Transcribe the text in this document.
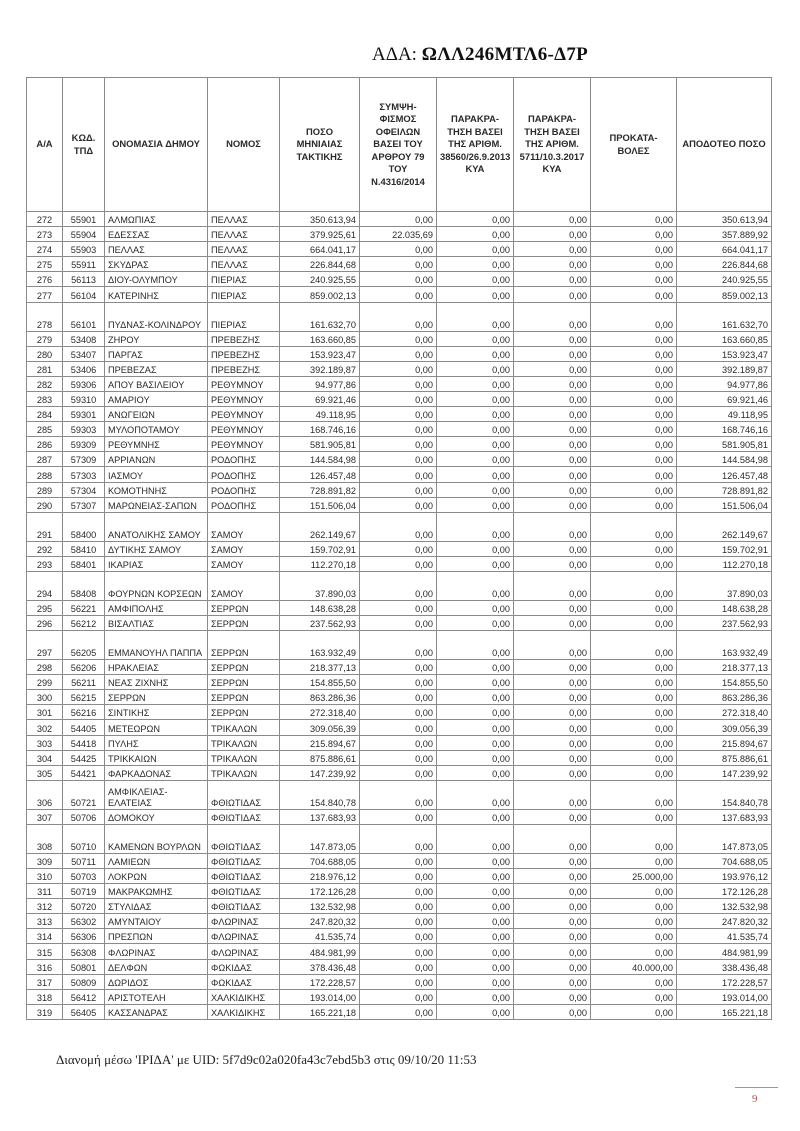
ΑΔΑ: ΩΛΛ246ΜΤΛ6-Δ7Ρ
Α/Α	ΚΩΔ. ΤΠΔ	ΟΝΟΜΑΣΙΑ ΔΗΜΟΥ	ΝΟΜΟΣ	ΠΟΣΟ ΜΗΝΙΑΙΑΣ ΤΑΚΤΙΚΗΣ	ΣΥΜΨΗ-ΦΙΣΜΟΣ ΟΦΕΙΛΩΝ ΒΑΣΕΙ ΤΟΥ ΑΡΘΡΟΥ 79 ΤΟΥ Ν.4316/2014	ΠΑΡΑΚΡΑ-ΤΗΣΗ ΒΑΣΕΙ ΤΗΣ ΑΡΙΘΜ. 38560/26.9.2013 ΚΥΑ	ΠΑΡΑΚΡΑ-ΤΗΣΗ ΒΑΣΕΙ ΤΗΣ ΑΡΙΘΜ. 5711/10.3.2017 ΚΥΑ	ΠΡΟΚΑΤΑ-ΒΟΛΕΣ	ΑΠΟΔΟΤΕΟ ΠΟΣΟ
272	55901	ΑΛΜΩΠΙΑΣ	ΠΕΛΛΑΣ	350.613,94	0,00	0,00	0,00	0,00	350.613,94
273	55904	ΕΔΕΣΣΑΣ	ΠΕΛΛΑΣ	379.925,61	22.035,69	0,00	0,00	0,00	357.889,92
274	55903	ΠΕΛΛΑΣ	ΠΕΛΛΑΣ	664.041,17	0,00	0,00	0,00	0,00	664.041,17
275	55911	ΣΚΥΔΡΑΣ	ΠΕΛΛΑΣ	226.844,68	0,00	0,00	0,00	0,00	226.844,68
276	56113	ΔΙΟΥ-ΟΛΥΜΠΟΥ	ΠΙΕΡΙΑΣ	240.925,55	0,00	0,00	0,00	0,00	240.925,55
277	56104	ΚΑΤΕΡΙΝΗΣ	ΠΙΕΡΙΑΣ	859.002,13	0,00	0,00	0,00	0,00	859.002,13
278	56101	ΠΥΔΝΑΣ-ΚΟΛΙΝΔΡΟΥ	ΠΙΕΡΙΑΣ	161.632,70	0,00	0,00	0,00	0,00	161.632,70
279	53408	ΖΗΡΟΥ	ΠΡΕΒΕΖΗΣ	163.660,85	0,00	0,00	0,00	0,00	163.660,85
280	53407	ΠΑΡΓΑΣ	ΠΡΕΒΕΖΗΣ	153.923,47	0,00	0,00	0,00	0,00	153.923,47
281	53406	ΠΡΕΒΕΖΑΣ	ΠΡΕΒΕΖΗΣ	392.189,87	0,00	0,00	0,00	0,00	392.189,87
282	59306	ΑΠΟΥ ΒΑΣΙΛΕΙΟΥ	ΡΕΘΥΜΝΟΥ	94.977,86	0,00	0,00	0,00	0,00	94.977,86
283	59310	ΑΜΑΡΙΟΥ	ΡΕΘΥΜΝΟΥ	69.921,46	0,00	0,00	0,00	0,00	69.921,46
284	59301	ΑΝΩΓΕΙΩΝ	ΡΕΘΥΜΝΟΥ	49.118,95	0,00	0,00	0,00	0,00	49.118,95
285	59303	ΜΥΛΟΠΟΤΑΜΟΥ	ΡΕΘΥΜΝΟΥ	168.746,16	0,00	0,00	0,00	0,00	168.746,16
286	59309	ΡΕΘΥΜΝΗΣ	ΡΕΘΥΜΝΟΥ	581.905,81	0,00	0,00	0,00	0,00	581.905,81
287	57309	ΑΡΡΙΑΝΩΝ	ΡΟΔΟΠΗΣ	144.584,98	0,00	0,00	0,00	0,00	144.584,98
288	57303	ΙΑΣΜΟΥ	ΡΟΔΟΠΗΣ	126.457,48	0,00	0,00	0,00	0,00	126.457,48
289	57304	ΚΟΜΟΤΗΝΗΣ	ΡΟΔΟΠΗΣ	728.891,82	0,00	0,00	0,00	0,00	728.891,82
290	57307	ΜΑΡΩΝΕΙΑΣ-ΣΑΠΩΝ	ΡΟΔΟΠΗΣ	151.506,04	0,00	0,00	0,00	0,00	151.506,04
291	58400	ΑΝΑΤΟΛΙΚΗΣ ΣΑΜΟΥ	ΣΑΜΟΥ	262.149,67	0,00	0,00	0,00	0,00	262.149,67
292	58410	ΔΥΤΙΚΗΣ ΣΑΜΟΥ	ΣΑΜΟΥ	159.702,91	0,00	0,00	0,00	0,00	159.702,91
293	58401	ΙΚΑΡΙΑΣ	ΣΑΜΟΥ	112.270,18	0,00	0,00	0,00	0,00	112.270,18
294	58408	ΦΟΥΡΝΩΝ ΚΟΡΣΕΩΝ	ΣΑΜΟΥ	37.890,03	0,00	0,00	0,00	0,00	37.890,03
295	56221	ΑΜΦΙΠΟΛΗΣ	ΣΕΡΡΩΝ	148.638,28	0,00	0,00	0,00	0,00	148.638,28
296	56212	ΒΙΣΑΛΤΙΑΣ	ΣΕΡΡΩΝ	237.562,93	0,00	0,00	0,00	0,00	237.562,93
297	56205	ΕΜΜΑΝΟΥΗΛ ΠΑΠΠΑ	ΣΕΡΡΩΝ	163.932,49	0,00	0,00	0,00	0,00	163.932,49
298	56206	ΗΡΑΚΛΕΙΑΣ	ΣΕΡΡΩΝ	218.377,13	0,00	0,00	0,00	0,00	218.377,13
299	56211	ΝΕΑΣ ΖΙΧΝΗΣ	ΣΕΡΡΩΝ	154.855,50	0,00	0,00	0,00	0,00	154.855,50
300	56215	ΣΕΡΡΩΝ	ΣΕΡΡΩΝ	863.286,36	0,00	0,00	0,00	0,00	863.286,36
301	56216	ΣΙΝΤΙΚΗΣ	ΣΕΡΡΩΝ	272.318,40	0,00	0,00	0,00	0,00	272.318,40
302	54405	ΜΕΤΕΩΡΩΝ	ΤΡΙΚΑΛΩΝ	309.056,39	0,00	0,00	0,00	0,00	309.056,39
303	54418	ΠΥΛΗΣ	ΤΡΙΚΑΛΩΝ	215.894,67	0,00	0,00	0,00	0,00	215.894,67
304	54425	ΤΡΙΚΚΑΙΩΝ	ΤΡΙΚΑΛΩΝ	875.886,61	0,00	0,00	0,00	0,00	875.886,61
305	54421	ΦΑΡΚΑΔΟΝΑΣ	ΤΡΙΚΑΛΩΝ	147.239,92	0,00	0,00	0,00	0,00	147.239,92
306	50721	ΑΜΦΙΚΛΕΙΑΣ-ΕΛΑΤΕΙΑΣ	ΦΘΙΩΤΙΔΑΣ	154.840,78	0,00	0,00	0,00	0,00	154.840,78
307	50706	ΔΟΜΟΚΟΥ	ΦΘΙΩΤΙΔΑΣ	137.683,93	0,00	0,00	0,00	0,00	137.683,93
308	50710	ΚΑΜΕΝΩΝ ΒΟΥΡΛΩΝ	ΦΘΙΩΤΙΔΑΣ	147.873,05	0,00	0,00	0,00	0,00	147.873,05
309	50711	ΛΑΜΙΕΩΝ	ΦΘΙΩΤΙΔΑΣ	704.688,05	0,00	0,00	0,00	0,00	704.688,05
310	50703	ΛΟΚΡΩΝ	ΦΘΙΩΤΙΔΑΣ	218.976,12	0,00	0,00	0,00	25.000,00	193.976,12
311	50719	ΜΑΚΡΑΚΩΜΗΣ	ΦΘΙΩΤΙΔΑΣ	172.126,28	0,00	0,00	0,00	0,00	172.126,28
312	50720	ΣΤΥΛΙΔΑΣ	ΦΘΙΩΤΙΔΑΣ	132.532,98	0,00	0,00	0,00	0,00	132.532,98
313	56302	ΑΜΥΝΤΑΙΟΥ	ΦΛΩΡΙΝΑΣ	247.820,32	0,00	0,00	0,00	0,00	247.820,32
314	56306	ΠΡΕΣΠΩΝ	ΦΛΩΡΙΝΑΣ	41.535,74	0,00	0,00	0,00	0,00	41.535,74
315	56308	ΦΛΩΡΙΝΑΣ	ΦΛΩΡΙΝΑΣ	484.981,99	0,00	0,00	0,00	0,00	484.981,99
316	50801	ΔΕΛΦΩΝ	ΦΩΚΙΔΑΣ	378.436,48	0,00	0,00	0,00	40.000,00	338.436,48
317	50809	ΔΩΡΙΔΟΣ	ΦΩΚΙΔΑΣ	172.228,57	0,00	0,00	0,00	0,00	172.228,57
318	56412	ΑΡΙΣΤΟΤΕΛΗ	ΧΑΛΚΙΔΙΚΗΣ	193.014,00	0,00	0,00	0,00	0,00	193.014,00
319	56405	ΚΑΣΣΑΝΔΡΑΣ	ΧΑΛΚΙΔΙΚΗΣ	165.221,18	0,00	0,00	0,00	0,00	165.221,18
Διανομή μέσω 'ΙΡΙΔΑ' με UID: 5f7d9c02a020fa43c7ebd5b3 στις 09/10/20 11:53
9
